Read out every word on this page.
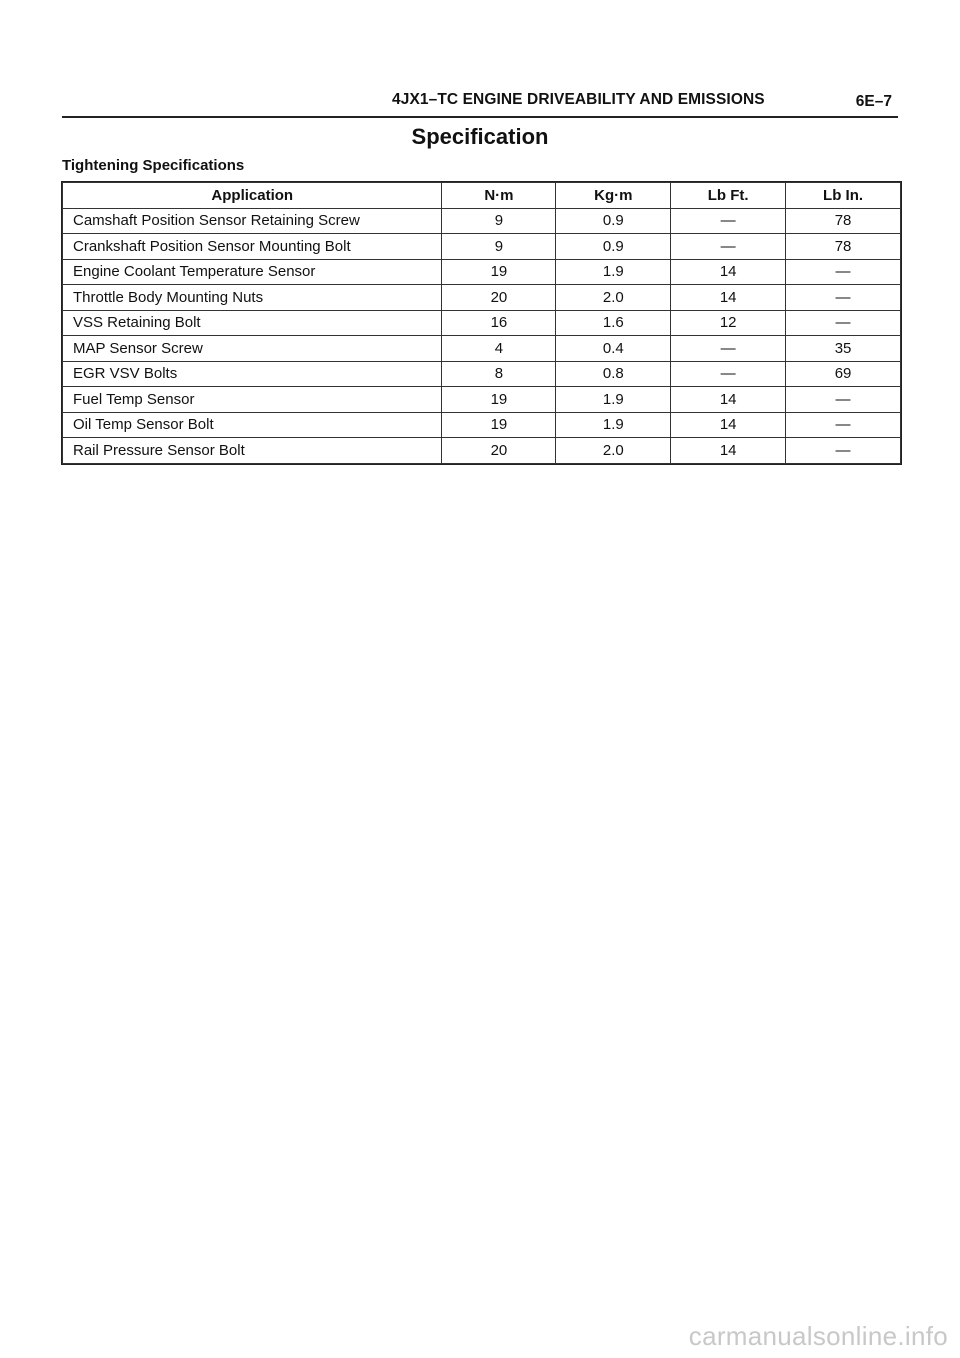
4JX1–TC ENGINE DRIVEABILITY AND EMISSIONS	6E–7
Specification
Tightening Specifications
Application	N·m	Kg·m	Lb Ft.	Lb In.
Camshaft Position Sensor Retaining Screw	9	0.9	—	78
Crankshaft Position Sensor Mounting Bolt	9	0.9	—	78
Engine Coolant Temperature Sensor	19	1.9	14	—
Throttle Body Mounting Nuts	20	2.0	14	—
VSS Retaining Bolt	16	1.6	12	—
MAP Sensor Screw	4	0.4	—	35
EGR VSV Bolts	8	0.8	—	69
Fuel Temp Sensor	19	1.9	14	—
Oil Temp Sensor Bolt	19	1.9	14	—
Rail Pressure Sensor Bolt	20	2.0	14	—
carmanualsonline.info
